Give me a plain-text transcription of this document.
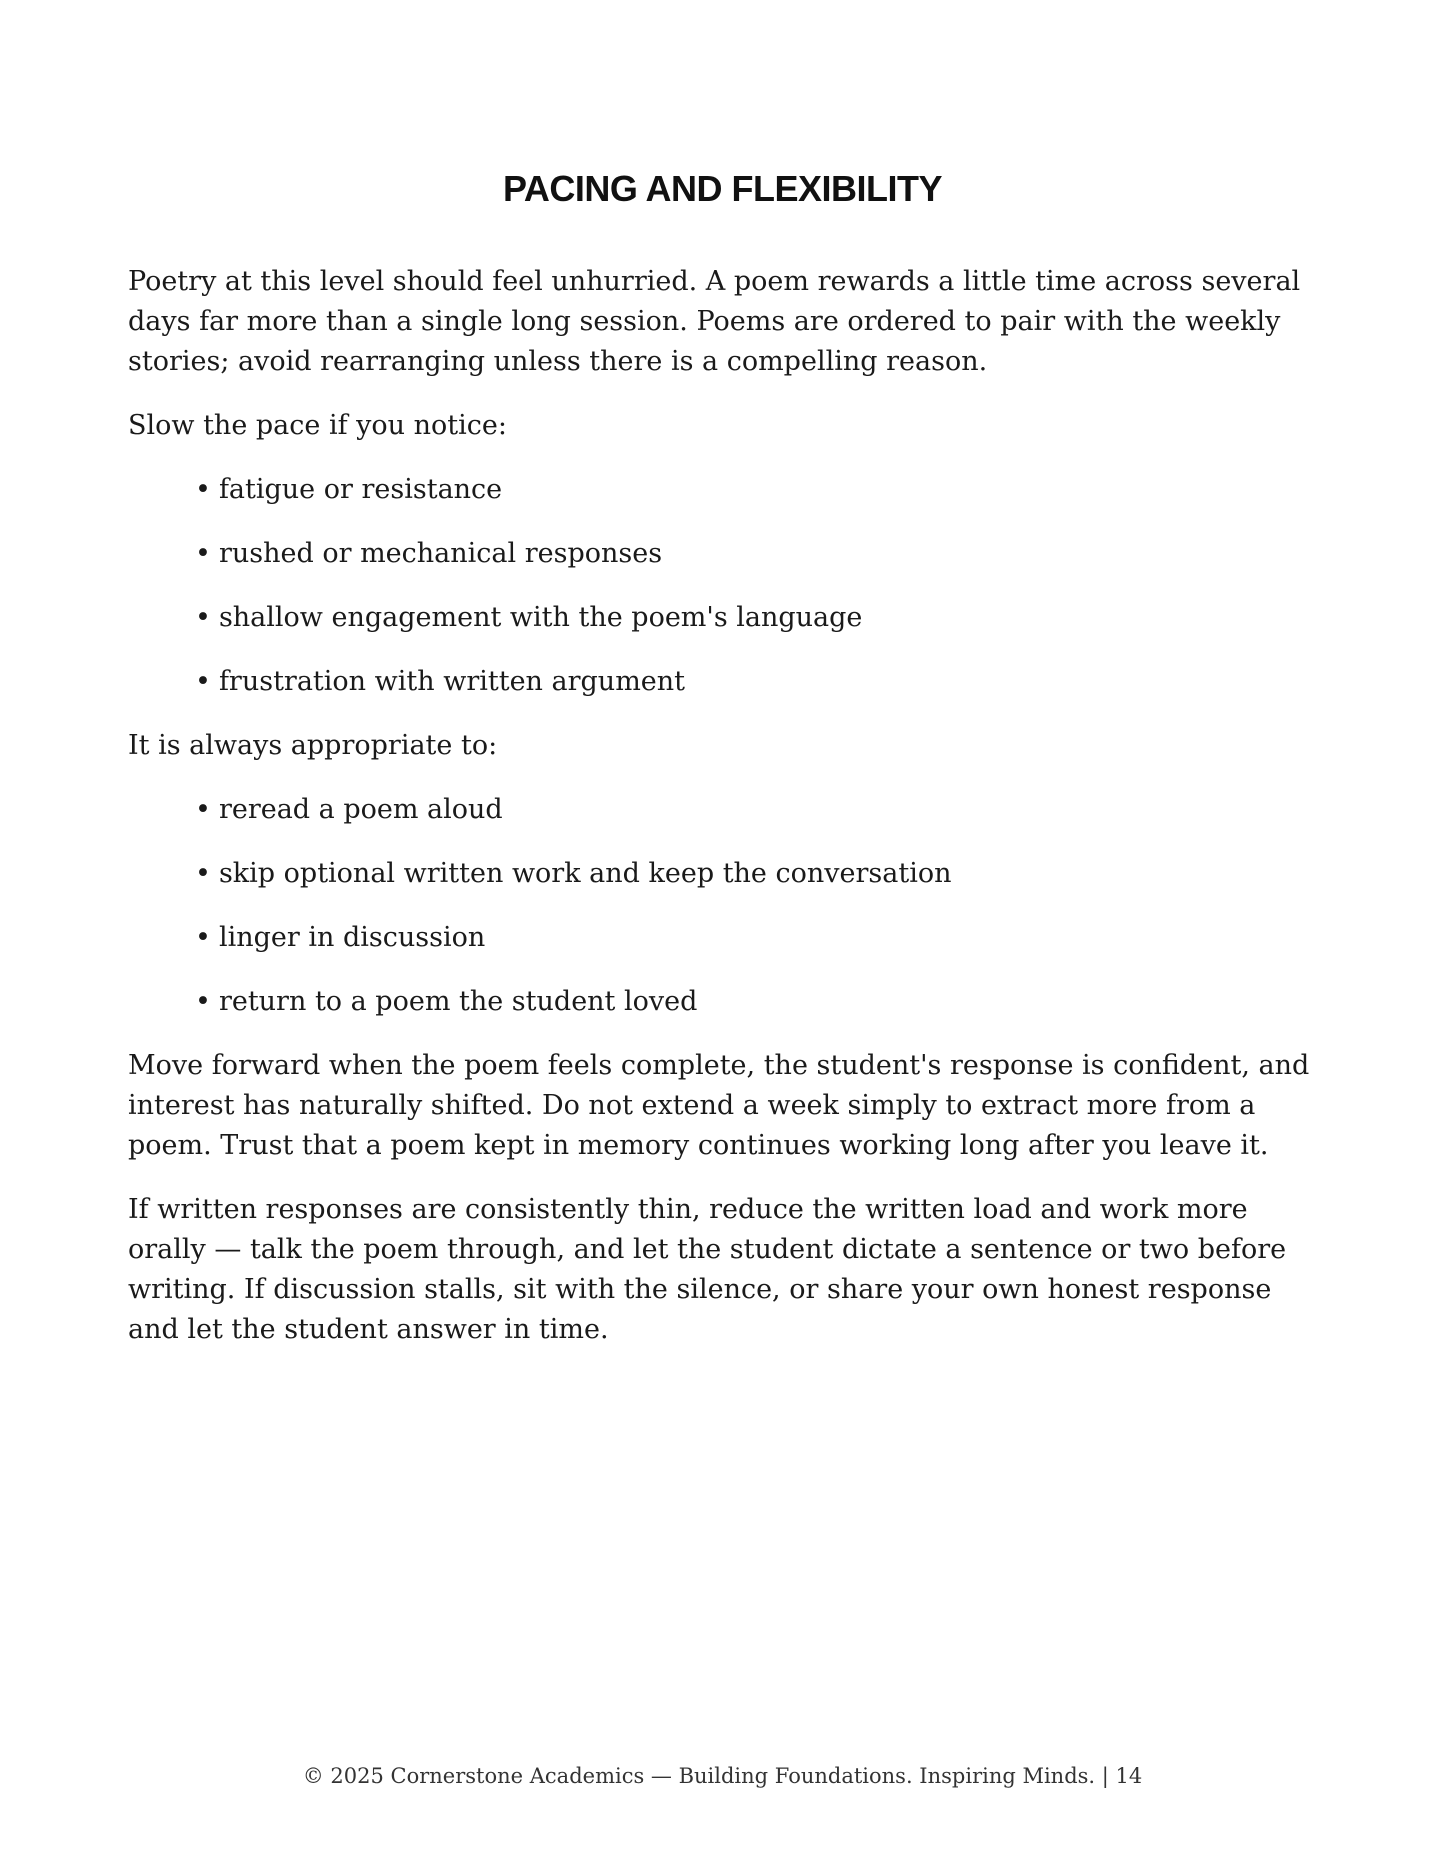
PACING AND FLEXIBILITY

Poetry at this level should feel unhurried. A poem rewards a little time across several days far more than a single long session. Poems are ordered to pair with the weekly stories; avoid rearranging unless there is a compelling reason.

Slow the pace if you notice:

• fatigue or resistance
• rushed or mechanical responses
• shallow engagement with the poem's language
• frustration with written argument

It is always appropriate to:

• reread a poem aloud
• skip optional written work and keep the conversation
• linger in discussion
• return to a poem the student loved

Move forward when the poem feels complete, the student's response is confident, and interest has naturally shifted. Do not extend a week simply to extract more from a poem. Trust that a poem kept in memory continues working long after you leave it.

If written responses are consistently thin, reduce the written load and work more orally — talk the poem through, and let the student dictate a sentence or two before writing. If discussion stalls, sit with the silence, or share your own honest response and let the student answer in time.

© 2025 Cornerstone Academics — Building Foundations. Inspiring Minds. | 14
